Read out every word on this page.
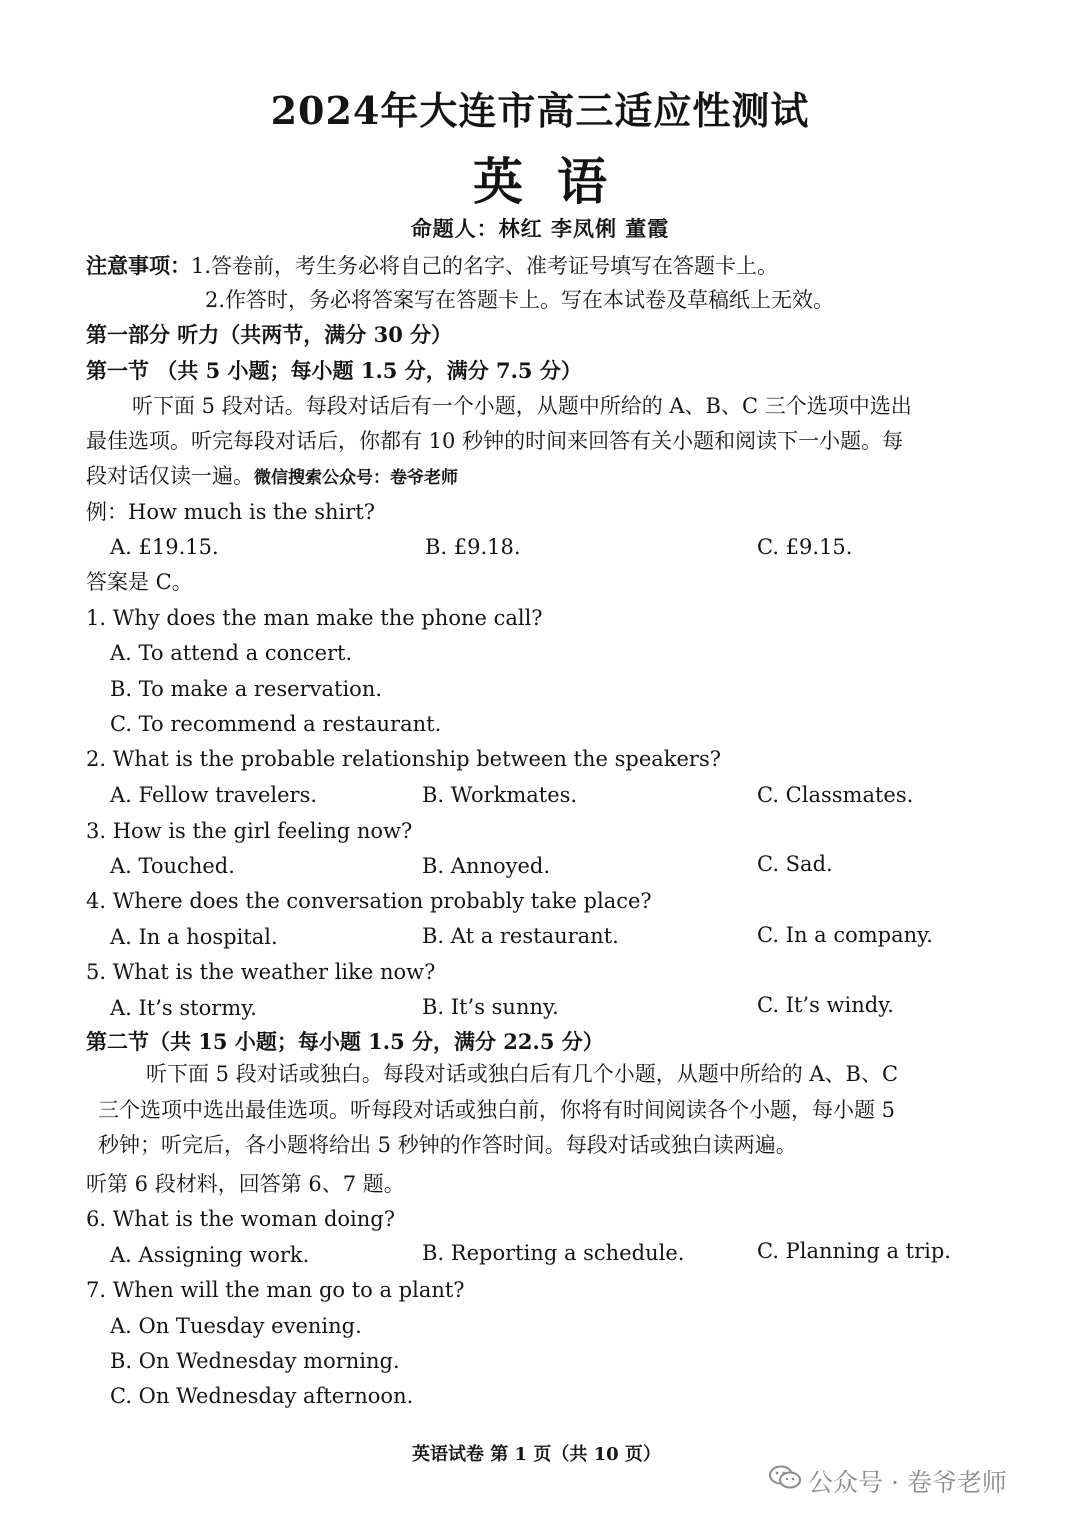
2024年大连市高三适应性测试
英语
命题人：林红 李凤俐 董霞
注意事项：1.答卷前，考生务必将自己的名字、准考证号填写在答题卡上。
2.作答时，务必将答案写在答题卡上。写在本试卷及草稿纸上无效。
第一部分 听力（共两节，满分 30 分）
第一节 （共 5 小题；每小题 1.5 分，满分 7.5 分）
听下面 5 段对话。每段对话后有一个小题，从题中所给的 A、B、C 三个选项中选出
最佳选项。听完每段对话后，你都有 10 秒钟的时间来回答有关小题和阅读下一小题。每
段对话仅读一遍。微信搜索公众号：卷爷老师
例：How much is the shirt?
A. £19.15.	B. £9.18.	C. £9.15.
答案是 C。
1. Why does the man make the phone call?
A. To attend a concert.
B. To make a reservation.
C. To recommend a restaurant.
2. What is the probable relationship between the speakers?
A. Fellow travelers.	B. Workmates.	C. Classmates.
3. How is the girl feeling now?
A. Touched.	B. Annoyed.	C. Sad.
4. Where does the conversation probably take place?
A. In a hospital.	B. At a restaurant.	C. In a company.
5. What is the weather like now?
A. It’s stormy.	B. It’s sunny.	C. It’s windy.
第二节（共 15 小题；每小题 1.5 分，满分 22.5 分）
听下面 5 段对话或独白。每段对话或独白后有几个小题，从题中所给的 A、B、C
三个选项中选出最佳选项。听每段对话或独白前，你将有时间阅读各个小题，每小题 5
秒钟；听完后，各小题将给出 5 秒钟的作答时间。每段对话或独白读两遍。
听第 6 段材料，回答第 6、7 题。
6. What is the woman doing?
A. Assigning work.	B. Reporting a schedule.	C. Planning a trip.
7. When will the man go to a plant?
A. On Tuesday evening.
B. On Wednesday morning.
C. On Wednesday afternoon.
英语试卷 第 1 页（共 10 页）
公众号 · 卷爷老师
